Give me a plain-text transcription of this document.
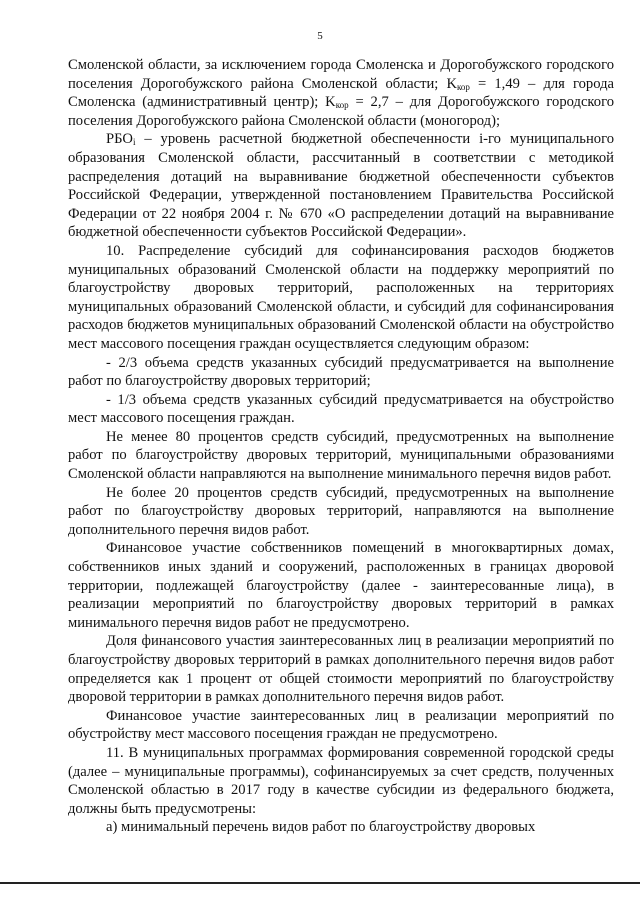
5

Смоленской области, за исключением города Смоленска и Дорогобужского городского поселения Дорогобужского района Смоленской области; $K_{кор} = 1,49$ – для города Смоленска (административный центр); $K_{кор} = 2,7$ – для Дорогобужского городского поселения Дорогобужского района Смоленской области (моногород);

$РБО_i$ – уровень расчетной бюджетной обеспеченности i-го муниципального образования Смоленской области, рассчитанный в соответствии с методикой распределения дотаций на выравнивание бюджетной обеспеченности субъектов Российской Федерации, утвержденной постановлением Правительства Российской Федерации от 22 ноября 2004 г. № 670 «О распределении дотаций на выравнивание бюджетной обеспеченности субъектов Российской Федерации».

10. Распределение субсидий для софинансирования расходов бюджетов муниципальных образований Смоленской области на поддержку мероприятий по благоустройству дворовых территорий, расположенных на территориях муниципальных образований Смоленской области, и субсидий для софинансирования расходов бюджетов муниципальных образований Смоленской области на обустройство мест массового посещения граждан осуществляется следующим образом:

- 2/3 объема средств указанных субсидий предусматривается на выполнение работ по благоустройству дворовых территорий;

- 1/3 объема средств указанных субсидий предусматривается на обустройство мест массового посещения граждан.

Не менее 80 процентов средств субсидий, предусмотренных на выполнение работ по благоустройству дворовых территорий, муниципальными образованиями Смоленской области направляются на выполнение минимального перечня видов работ.

Не более 20 процентов средств субсидий, предусмотренных на выполнение работ по благоустройству дворовых территорий, направляются на выполнение дополнительного перечня видов работ.

Финансовое участие собственников помещений в многоквартирных домах, собственников иных зданий и сооружений, расположенных в границах дворовой территории, подлежащей благоустройству (далее - заинтересованные лица), в реализации мероприятий по благоустройству дворовых территорий в рамках минимального перечня видов работ не предусмотрено.

Доля финансового участия заинтересованных лиц в реализации мероприятий по благоустройству дворовых территорий в рамках дополнительного перечня видов работ определяется как 1 процент от общей стоимости мероприятий по благоустройству дворовой территории в рамках дополнительного перечня видов работ.

Финансовое участие заинтересованных лиц в реализации мероприятий по обустройству мест массового посещения граждан не предусмотрено.

11. В муниципальных программах формирования современной городской среды (далее – муниципальные программы), софинансируемых за счет средств, полученных Смоленской областью в 2017 году в качестве субсидии из федерального бюджета, должны быть предусмотрены:

а) минимальный перечень видов работ по благоустройству дворовых
